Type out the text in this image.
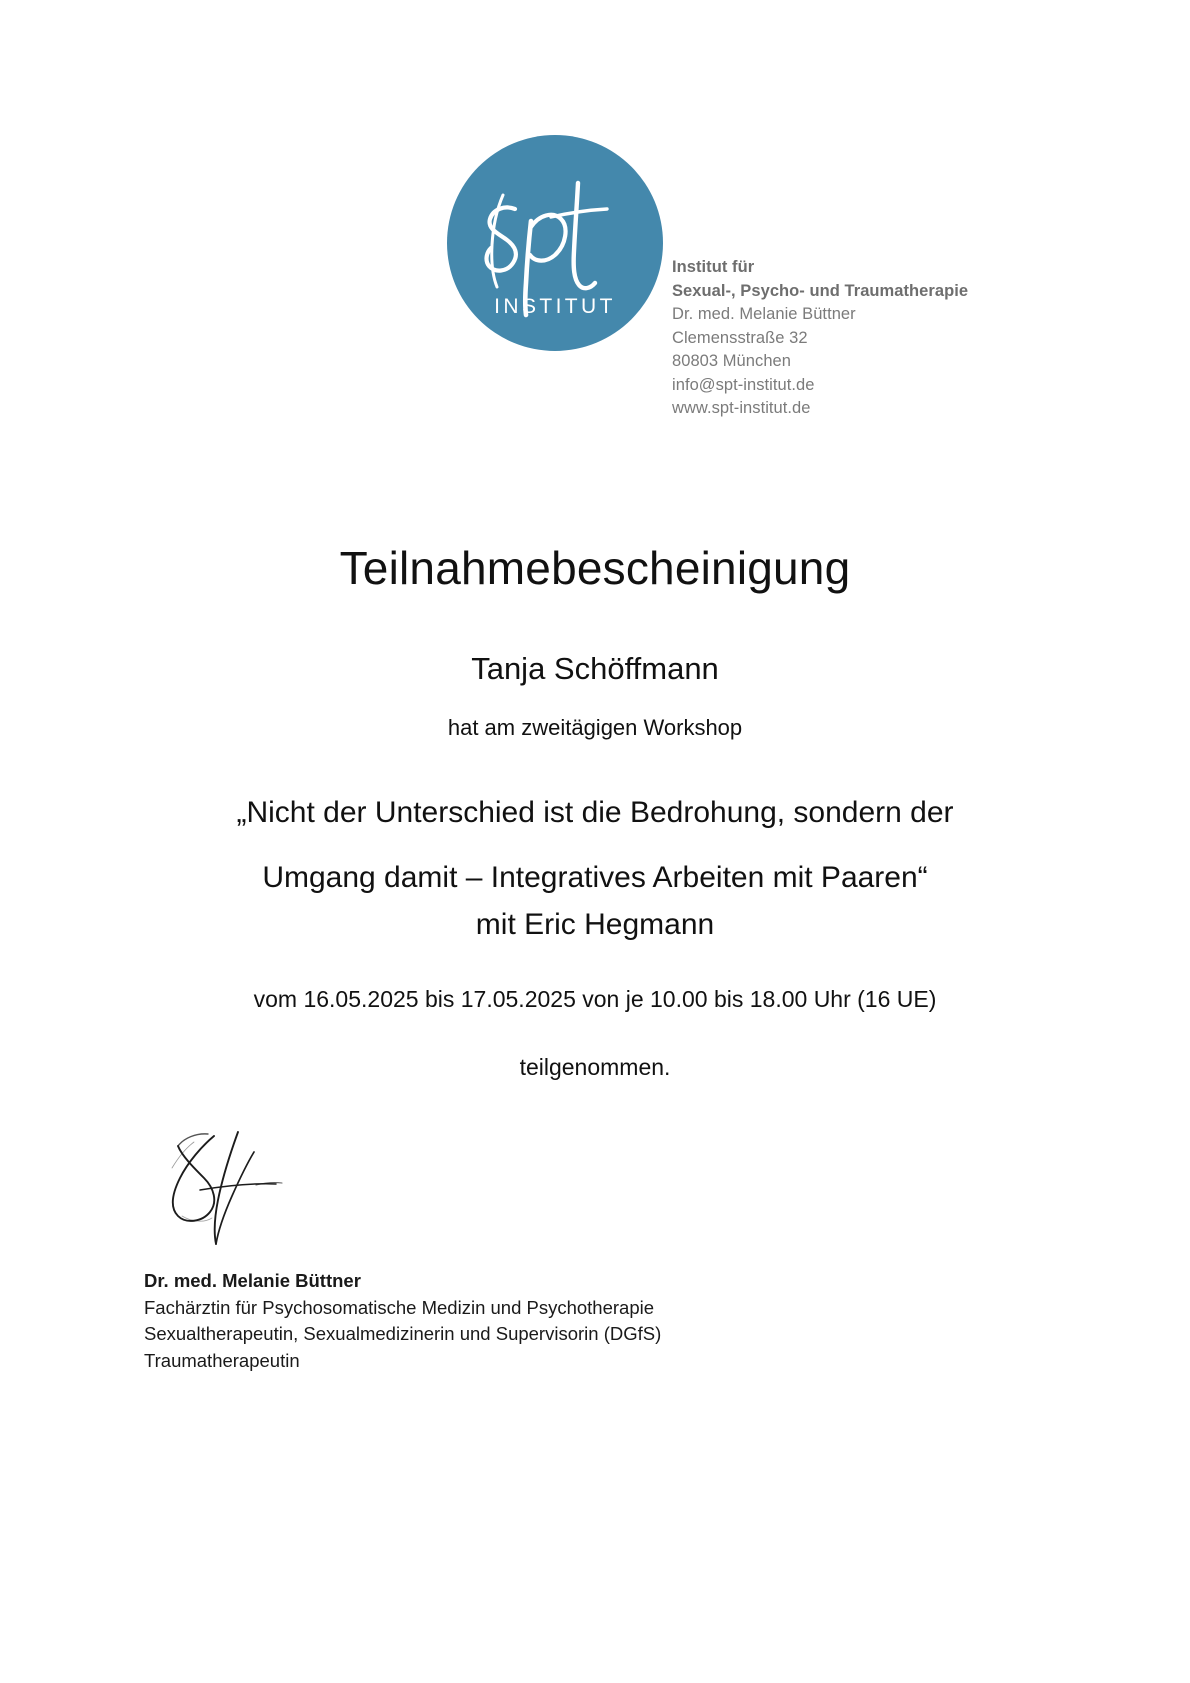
INSTITUT
Institut für
Sexual-, Psycho- und Traumatherapie
Dr. med. Melanie Büttner
Clemensstraße 32
80803 München
info@spt-institut.de
www.spt-institut.de
Teilnahmebescheinigung
Tanja Schöffmann
hat am zweitägigen Workshop
„Nicht der Unterschied ist die Bedrohung, sondern der
Umgang damit – Integratives Arbeiten mit Paaren“
mit Eric Hegmann
vom 16.05.2025 bis 17.05.2025 von je 10.00 bis 18.00 Uhr (16 UE)
teilgenommen.
Dr. med. Melanie Büttner
Fachärztin für Psychosomatische Medizin und Psychotherapie
Sexualtherapeutin, Sexualmedizinerin und Supervisorin (DGfS)
Traumatherapeutin
